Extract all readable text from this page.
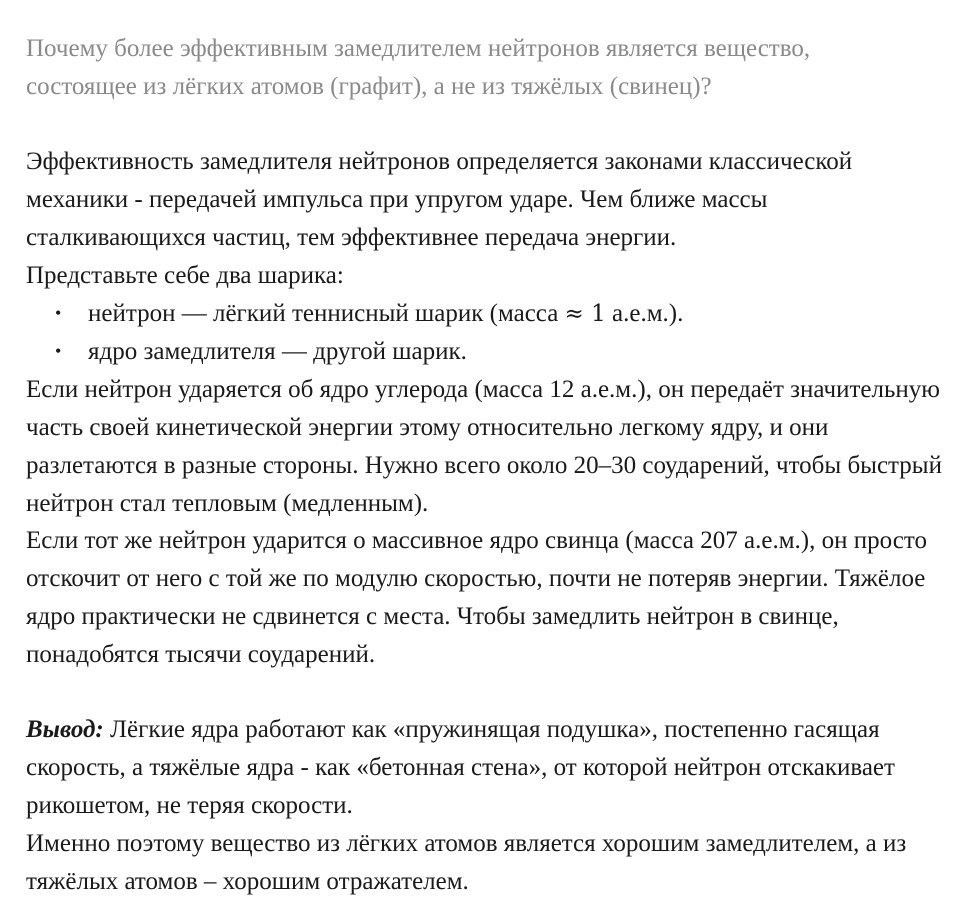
Почему более эффективным замедлителем нейтронов является вещество,
состоящее из лёгких атомов (графит), а не из тяжёлых (свинец)?

Эффективность замедлителя нейтронов определяется законами классической механики - передачей импульса при упругом ударе. Чем ближе массы сталкивающихся частиц, тем эффективнее передача энергии.

Представьте себе два шарика:

• нейтрон — лёгкий теннисный шарик (масса ≈ 1 а.е.м.).
• ядро замедлителя — другой шарик.

Если нейтрон ударяется об ядро углерода (масса 12 а.е.м.), он передаёт значительную часть своей кинетической энергии этому относительно легкому ядру, и они разлетаются в разные стороны. Нужно всего около 20–30 соударений, чтобы быстрый нейтрон стал тепловым (медленным).

Если тот же нейтрон ударится о массивное ядро свинца (масса 207 а.е.м.), он просто отскочит от него с той же по модулю скоростью, почти не потеряв энергии. Тяжёлое ядро практически не сдвинется с места. Чтобы замедлить нейтрон в свинце, понадобятся тысячи соударений.

Вывод: Лёгкие ядра работают как «пружинящая подушка», постепенно гасящая скорость, а тяжёлые ядра - как «бетонная стена», от которой нейтрон отскакивает рикошетом, не теряя скорости.

Именно поэтому вещество из лёгких атомов является хорошим замедлителем, а из тяжёлых атомов – хорошим отражателем.
